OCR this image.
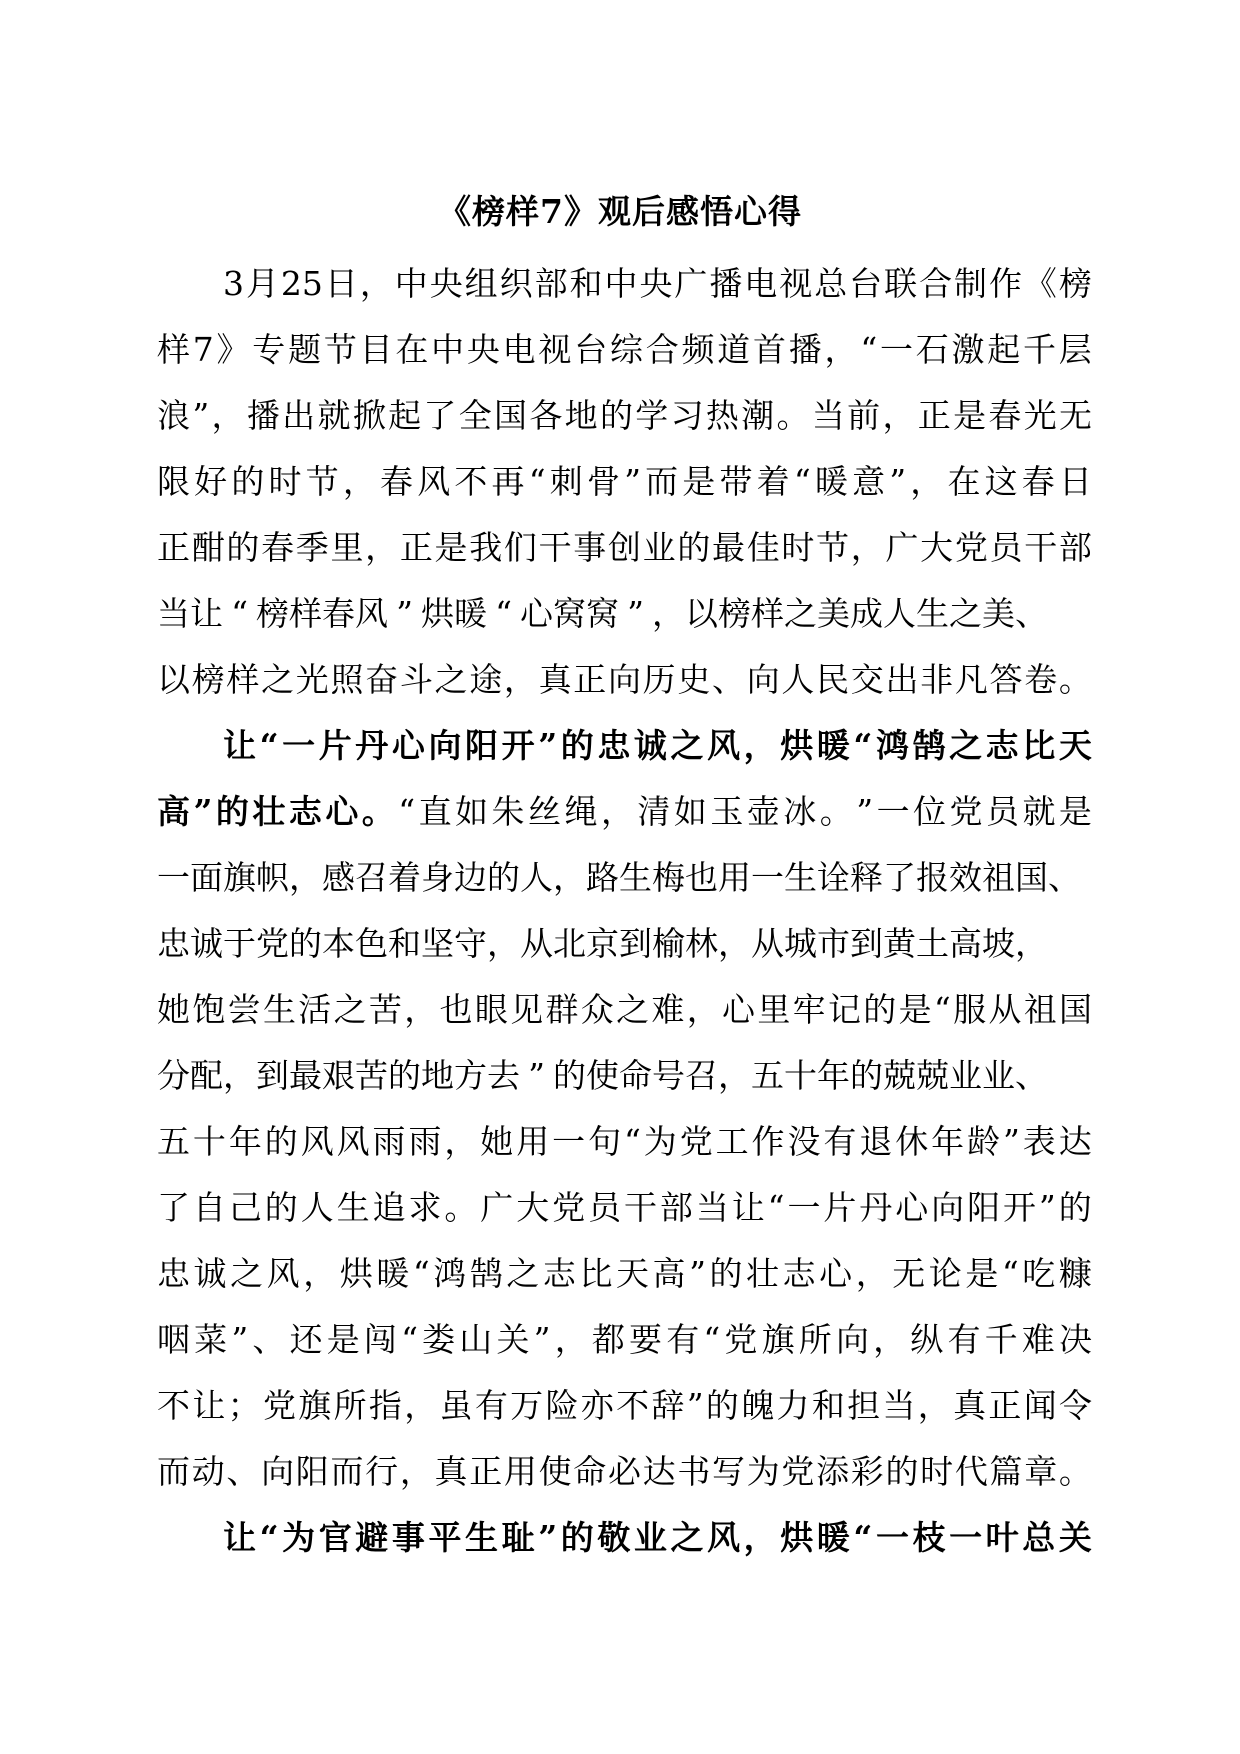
《榜样7》观后感悟心得
3 月 25 日 ， 中 央 组 织 部 和 中 央 广 播 电 视 总 台 联 合 制 作 《 榜
样 7 》 专 题 节 目 在 中 央 电 视 台 综 合 频 道 首 播 ， “ 一 石 激 起 千 层
浪 ” ， 播 出 就 掀 起 了 全 国 各 地 的 学 习 热 潮 。 当 前 ， 正 是 春 光 无
限 好 的 时 节 ， 春 风 不 再 “ 刺 骨 ” 而 是 带 着 “ 暖 意 ” ， 在 这 春 日
正 酣 的 春 季 里 ， 正 是 我 们 干 事 创 业 的 最 佳 时 节 ， 广 大 党 员 干 部
当 让 “ 榜 样 春 风 ” 烘 暖 “ 心 窝 窝 ” ， 以 榜 样 之 美 成 人 生 之 美 、
以 榜 样 之 光 照 奋 斗 之 途 ， 真 正 向 历 史 、 向 人 民 交 出 非 凡 答 卷 。
让 “ 一 片 丹 心 向 阳 开 ” 的 忠 诚 之 风 ， 烘 暖 “ 鸿 鹄 之 志 比 天
高 ” 的 壮 志 心 。 “ 直 如 朱 丝 绳 ， 清 如 玉 壶 冰 。 ” 一 位 党 员 就 是
一 面 旗 帜 ， 感 召 着 身 边 的 人 ， 路 生 梅 也 用 一 生 诠 释 了 报 效 祖 国 、
忠 诚 于 党 的 本 色 和 坚 守 ， 从 北 京 到 榆 林 ， 从 城 市 到 黄 土 高 坡 ，
她 饱 尝 生 活 之 苦 ， 也 眼 见 群 众 之 难 ， 心 里 牢 记 的 是 “ 服 从 祖 国
分 配 ， 到 最 艰 苦 的 地 方 去 ” 的 使 命 号 召 ， 五 十 年 的 兢 兢 业 业 、
五 十 年 的 风 风 雨 雨 ， 她 用 一 句 “ 为 党 工 作 没 有 退 休 年 龄 ” 表 达
了 自 己 的 人 生 追 求 。 广 大 党 员 干 部 当 让 “ 一 片 丹 心 向 阳 开 ” 的
忠 诚 之 风 ， 烘 暖 “ 鸿 鹄 之 志 比 天 高 ” 的 壮 志 心 ， 无 论 是 “ 吃 糠
咽 菜 ” 、 还 是 闯 “ 娄 山 关 ” ， 都 要 有 “ 党 旗 所 向 ， 纵 有 千 难 决
不 让 ； 党 旗 所 指 ， 虽 有 万 险 亦 不 辞 ” 的 魄 力 和 担 当 ， 真 正 闻 令
而 动 、 向 阳 而 行 ， 真 正 用 使 命 必 达 书 写 为 党 添 彩 的 时 代 篇 章 。
让 “ 为 官 避 事 平 生 耻 ” 的 敬 业 之 风 ， 烘 暖 “ 一 枝 一 叶 总 关
